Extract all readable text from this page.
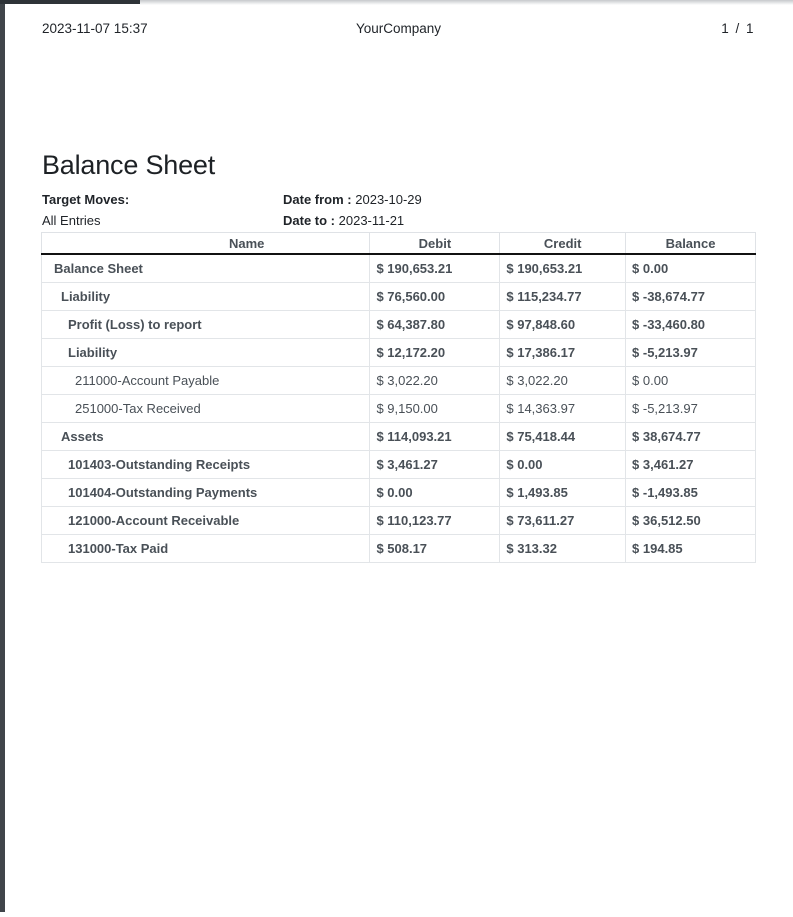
2023-11-07 15:37	YourCompany	1 / 1
Balance Sheet
Target Moves:	Date from : 2023-10-29
All Entries	Date to : 2023-11-21
Name	Debit	Credit	Balance
Balance Sheet	$ 190,653.21	$ 190,653.21	$ 0.00
Liability	$ 76,560.00	$ 115,234.77	$ -38,674.77
Profit (Loss) to report	$ 64,387.80	$ 97,848.60	$ -33,460.80
Liability	$ 12,172.20	$ 17,386.17	$ -5,213.97
211000-Account Payable	$ 3,022.20	$ 3,022.20	$ 0.00
251000-Tax Received	$ 9,150.00	$ 14,363.97	$ -5,213.97
Assets	$ 114,093.21	$ 75,418.44	$ 38,674.77
101403-Outstanding Receipts	$ 3,461.27	$ 0.00	$ 3,461.27
101404-Outstanding Payments	$ 0.00	$ 1,493.85	$ -1,493.85
121000-Account Receivable	$ 110,123.77	$ 73,611.27	$ 36,512.50
131000-Tax Paid	$ 508.17	$ 313.32	$ 194.85
